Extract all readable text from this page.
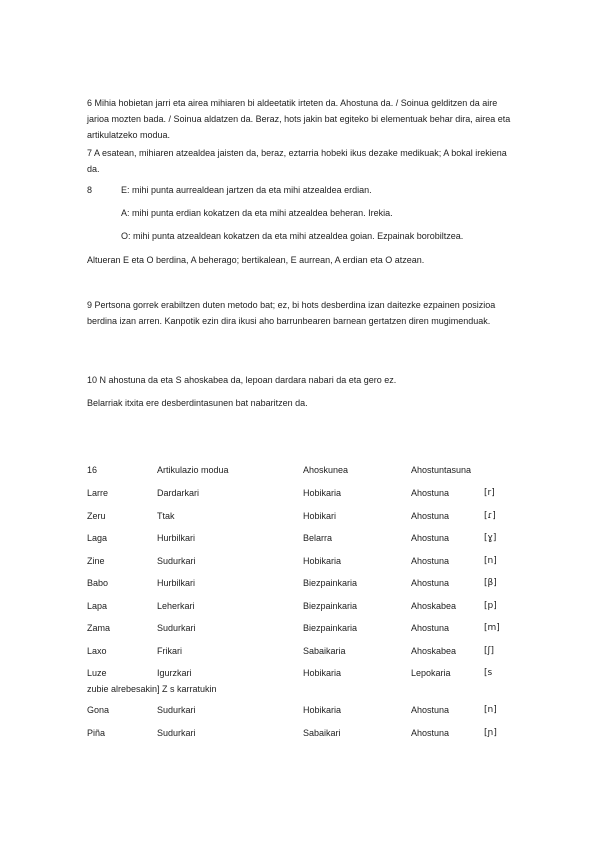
6 Mihia hobietan jarri eta airea mihiaren bi aldeetatik irteten da. Ahostuna da. / Soinua gelditzen da aire jarioa mozten bada. / Soinua aldatzen da. Beraz, hots jakin bat egiteko bi elementuak behar dira, airea eta artikulatzeko modua.

7 A esatean, mihiaren atzealdea jaisten da, beraz, eztarria hobeki ikus dezake medikuak; A bokal irekiena da.

8	E: mihi punta aurrealdean jartzen da eta mihi atzealdea erdian.
A: mihi punta erdian kokatzen da eta mihi atzealdea beheran. Irekia.
O: mihi punta atzealdean kokatzen da eta mihi atzealdea goian. Ezpainak borobiltzea.
Altueran E eta O berdina, A beherago; bertikalean, E aurrean, A erdian eta O atzean.

9 Pertsona gorrek erabiltzen duten metodo bat; ez, bi hots desberdina izan daitezke ezpainen posizioa berdina izan arren. Kanpotik ezin dira ikusi aho barrunbearen barnean gertatzen diren mugimenduak.

10 N ahostuna da eta S ahoskabea da, lepoan dardara nabari da eta gero ez.
Belarriak itxita ere desberdintasunen bat nabaritzen da.
16	Artikulazio modua	Ahoskunea	Ahostuntasuna
Larre	Dardarkari	Hobikaria	Ahostuna	[r]
Zeru	Ttak	Hobikari	Ahostuna	[ɾ]
Laga	Hurbilkari	Belarra	Ahostuna	[ɣ]
Zine	Sudurkari	Hobikaria	Ahostuna	[n]
Babo	Hurbilkari	Biezpainkaria	Ahostuna	[β]
Lapa	Leherkari	Biezpainkaria	Ahoskabea	[p]
Zama	Sudurkari	Biezpainkaria	Ahostuna	[m]
Laxo	Frikari	Sabaikaria	Ahoskabea	[ʃ]
Luze	Igurzkari	Hobikaria	Lepokaria	[s
zubie alrebesakin] Z s karratukin
Gona	Sudurkari	Hobikaria	Ahostuna	[n]
Piña	Sudurkari	Sabaikari	Ahostuna	[ɲ]
